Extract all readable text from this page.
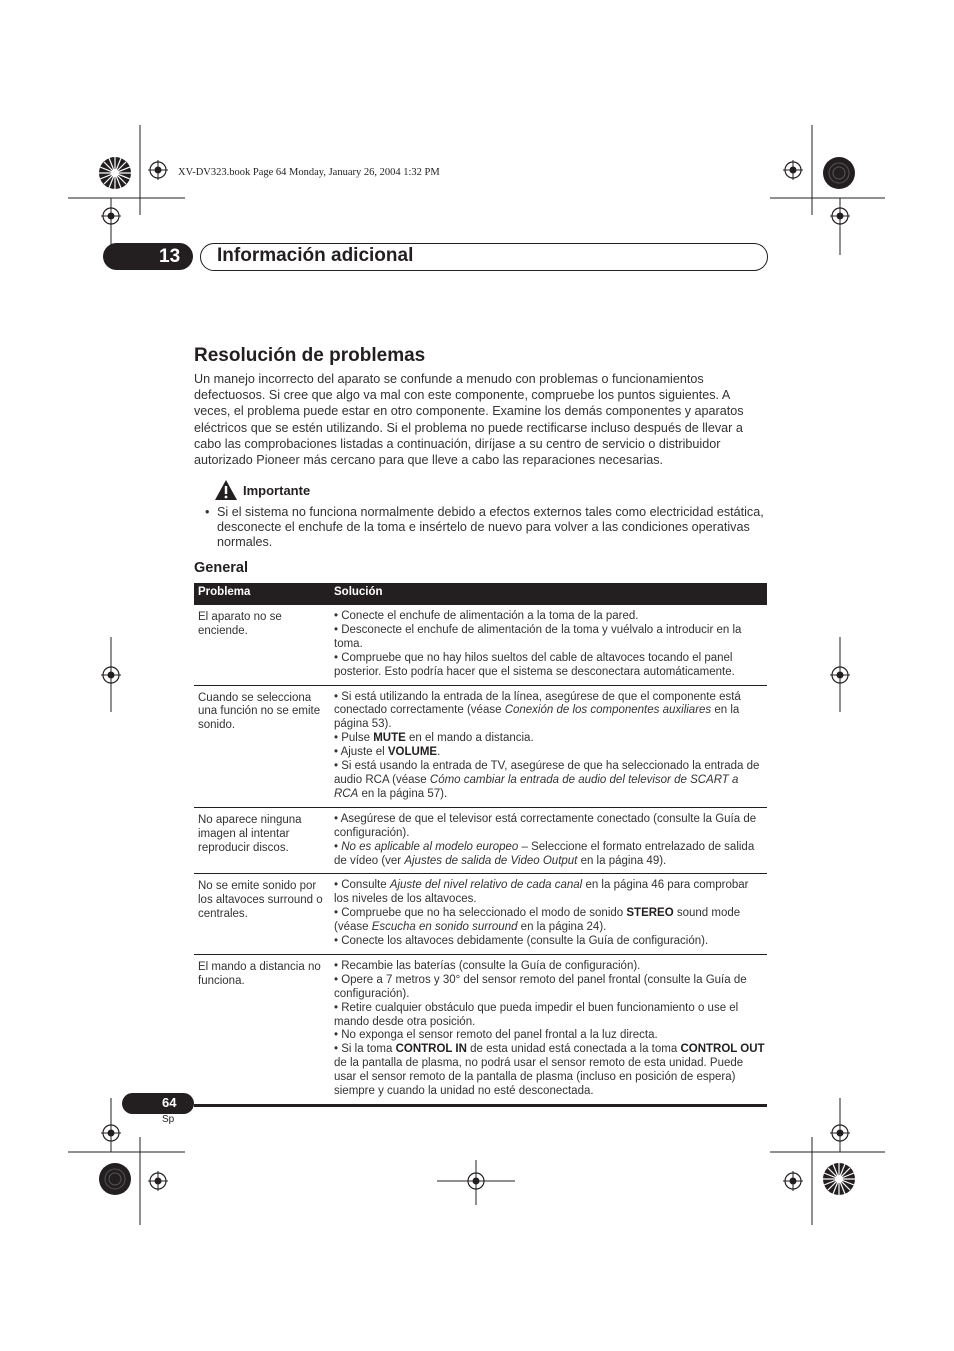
XV-DV323.book Page 64 Monday, January 26, 2004 1:32 PM
13 Información adicional
Resolución de problemas
Un manejo incorrecto del aparato se confunde a menudo con problemas o funcionamientos defectuosos. Si cree que algo va mal con este componente, compruebe los puntos siguientes. A veces, el problema puede estar en otro componente. Examine los demás componentes y aparatos eléctricos que se estén utilizando. Si el problema no puede rectificarse incluso después de llevar a cabo las comprobaciones listadas a continuación, diríjase a su centro de servicio o distribuidor autorizado Pioneer más cercano para que lleve a cabo las reparaciones necesarias.
Importante
• Si el sistema no funciona normalmente debido a efectos externos tales como electricidad estática, desconecte el enchufe de la toma e insértelo de nuevo para volver a las condiciones operativas normales.
General
Problema	Solución
El aparato no se enciende.

• Conecte el enchufe de alimentación a la toma de la pared.

• Desconecte el enchufe de alimentación de la toma y vuélvalo a introducir en la toma.

• Compruebe que no hay hilos sueltos del cable de altavoces tocando el panel posterior. Esto podría hacer que el sistema se desconectara automáticamente.

Cuando se selecciona una función no se emite sonido.

• Si está utilizando la entrada de la línea, asegúrese de que el componente está conectado correctamente (véase Conexión de los componentes auxiliares en la página 53).

• Pulse MUTE en el mando a distancia.

• Ajuste el VOLUME.

• Si está usando la entrada de TV, asegúrese de que ha seleccionado la entrada de audio RCA (véase Cómo cambiar la entrada de audio del televisor de SCART a RCA en la página 57).

No aparece ninguna imagen al intentar reproducir discos.

• Asegúrese de que el televisor está correctamente conectado (consulte la Guía de configuración).

• No es aplicable al modelo europeo – Seleccione el formato entrelazado de salida de vídeo (ver Ajustes de salida de Video Output en la página 49).

No se emite sonido por los altavoces surround o centrales.

• Consulte Ajuste del nivel relativo de cada canal en la página 46 para comprobar los niveles de los altavoces.

• Compruebe que no ha seleccionado el modo de sonido STEREO sound mode (véase Escucha en sonido surround en la página 24).

• Conecte los altavoces debidamente (consulte la Guía de configuración).

El mando a distancia no funciona.

• Recambie las baterías (consulte la Guía de configuración).

• Opere a 7 metros y 30° del sensor remoto del panel frontal (consulte la Guía de configuración).

• Retire cualquier obstáculo que pueda impedir el buen funcionamiento o use el mando desde otra posición.

• No exponga el sensor remoto del panel frontal a la luz directa.

• Si la toma CONTROL IN de esta unidad está conectada a la toma CONTROL OUT de la pantalla de plasma, no podrá usar el sensor remoto de esta unidad. Puede usar el sensor remoto de la pantalla de plasma (incluso en posición de espera) siempre y cuando la unidad no esté desconectada.

64
Sp
